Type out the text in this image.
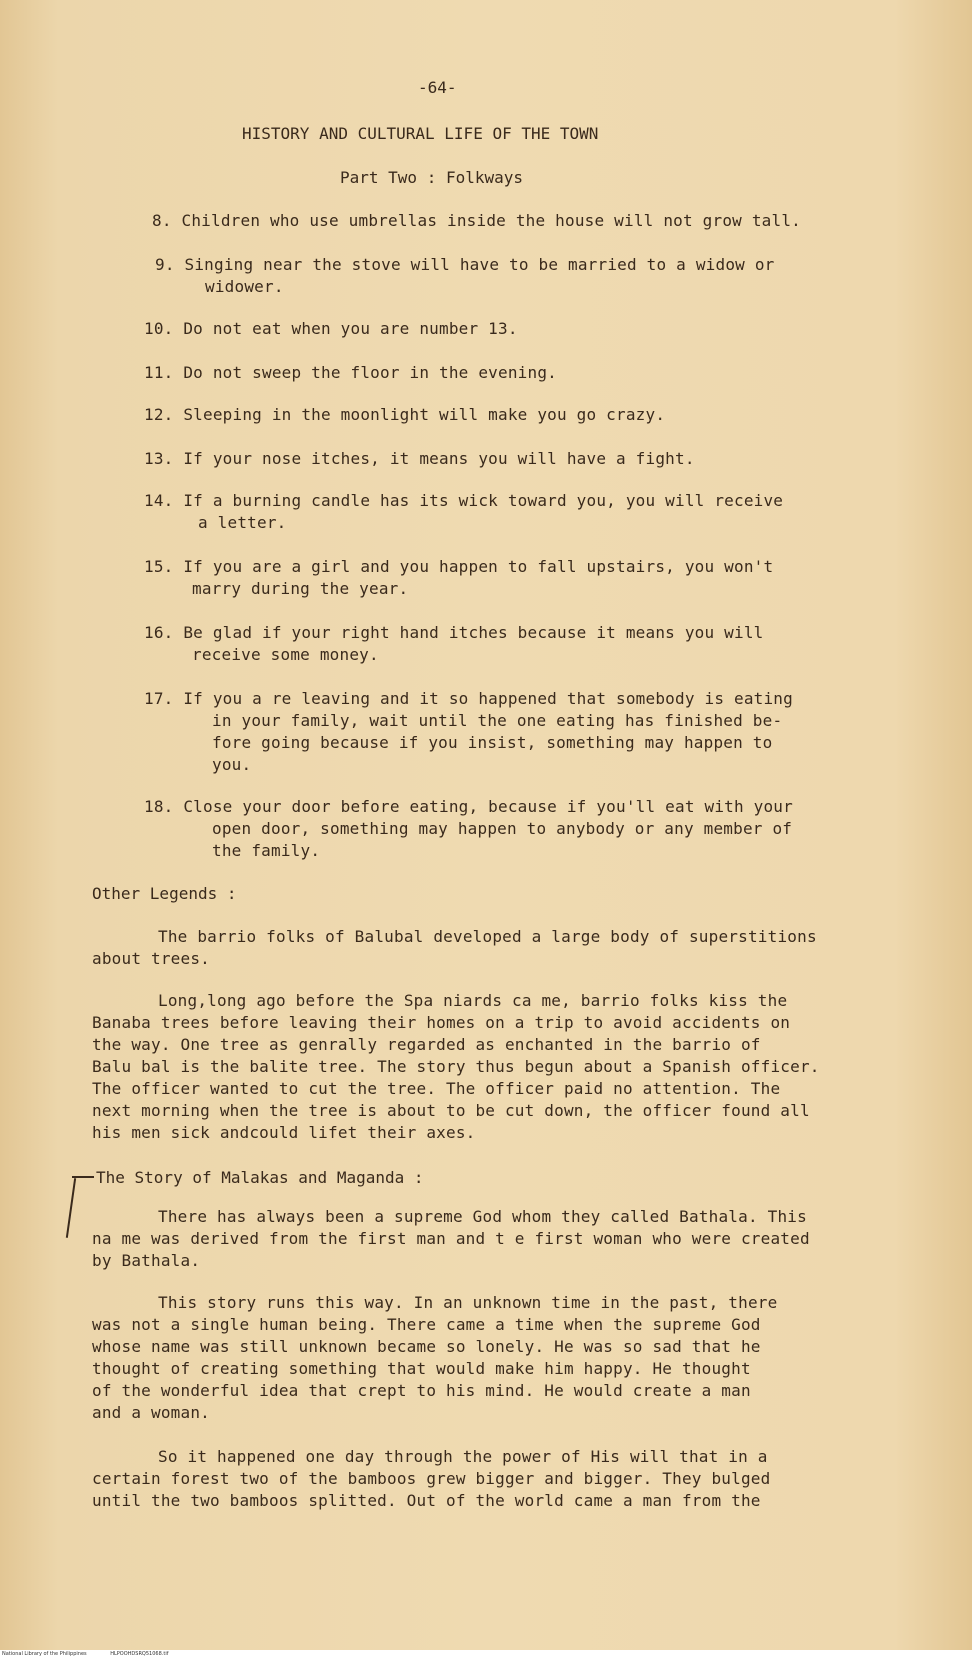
-64-
HISTORY AND CULTURAL LIFE OF THE TOWN
Part Two : Folkways
8. Children who use umbrellas inside the house will not grow tall.
9. Singing near the stove will have to be married to a widow or
widower.
10. Do not eat when you are number 13.
11. Do not sweep the floor in the evening.
12. Sleeping in the moonlight will make you go crazy.
13. If your nose itches, it means you will have a fight.
14. If a burning candle has its wick toward you, you will receive
a letter.
15. If you are a girl and you happen to fall upstairs, you won't
marry during the year.
16. Be glad if your right hand itches because it means you will
receive some money.
17. If you a re leaving and it so happened that somebody is eating
in your family, wait until the one eating has finished be-
fore going because if you insist, something may happen to
you.
18. Close your door before eating, because if you'll eat with your
open door, something may happen to anybody or any member of
the family.
Other Legends :
The barrio folks of Balubal developed a large body of superstitions
about trees.
Long,long ago before the Spa niards ca me, barrio folks kiss the
Banaba trees before leaving their homes on a trip to avoid accidents on
the way. One tree as genrally regarded as enchanted in the barrio of
Balu bal is the balite tree. The story thus begun about a Spanish officer.
The officer wanted to cut the tree. The officer paid no attention. The
next morning when the tree is about to be cut down, the officer found all
his men sick andcould lifet their axes.
The Story of Malakas and Maganda :
There has always been a supreme God whom they called Bathala. This
na me was derived from the first man and t e first woman who were created
by Bathala.
This story runs this way. In an unknown time in the past, there
was not a single human being. There came a time when the supreme God
whose name was still unknown became so lonely. He was so sad that he
thought of creating something that would make him happy. He thought
of the wonderful idea that crept to his mind. He would create a man
and a woman.
So it happened one day through the power of His will that in a
certain forest two of the bamboos grew bigger and bigger. They bulged
until the two bamboos splitted. Out of the world came a man from the
National Library of the Philippines	HLPOOHDSRQ51068.tif
